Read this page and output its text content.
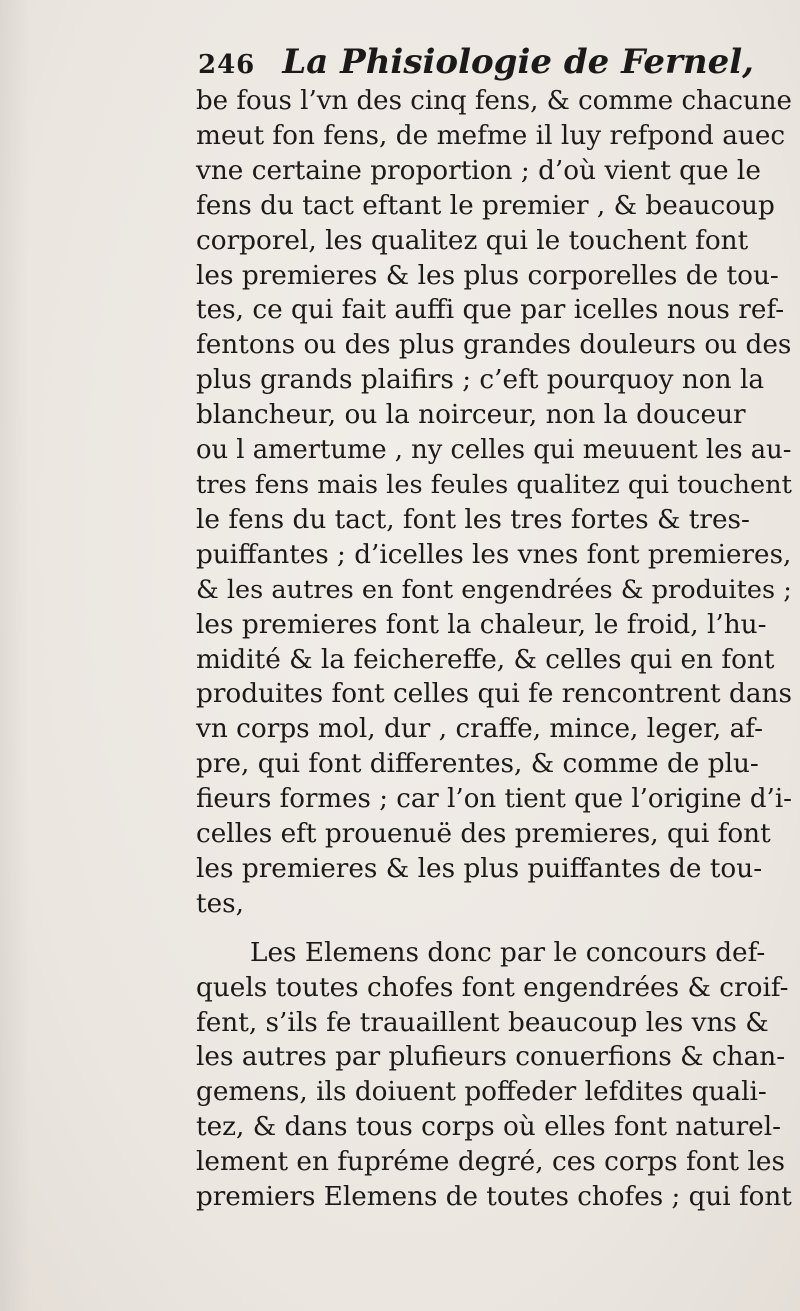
246 La Phisiologie de Fernel,
be fous l’vn des cinq fens, & comme chacune
meut fon fens, de mefme il luy refpond auec
vne certaine proportion ; d’où vient que le
fens du tact eftant le premier , & beaucoup
corporel, les qualitez qui le touchent font
les premieres & les plus corporelles de tou-
tes, ce qui fait auffi que par icelles nous ref-
fentons ou des plus grandes douleurs ou des
plus grands plaifirs ; c’eft pourquoy non la
blancheur, ou la noirceur, non la douceur
ou l amertume , ny celles qui meuuent les au-
tres fens mais les feules qualitez qui touchent
le fens du tact, font les tres fortes & tres-
puiffantes ; d’icelles les vnes font premieres,
& les autres en font engendrées & produites ;
les premieres font la chaleur, le froid, l’hu-
midité & la feichereffe, & celles qui en font
produites font celles qui fe rencontrent dans
vn corps mol, dur , craffe, mince, leger, af-
pre, qui font differentes, & comme de plu-
fieurs formes ; car l’on tient que l’origine d’i-
celles eft prouenuë des premieres, qui font
les premieres & les plus puiffantes de tou-
tes,
Les Elemens donc par le concours def-
quels toutes chofes font engendrées & croif-
fent, s’ils fe trauaillent beaucoup les vns &
les autres par plufieurs conuerfions & chan-
gemens, ils doiuent poffeder lefdites quali-
tez, & dans tous corps où elles font naturel-
lement en fupréme degré, ces corps font les
premiers Elemens de toutes chofes ; qui font
